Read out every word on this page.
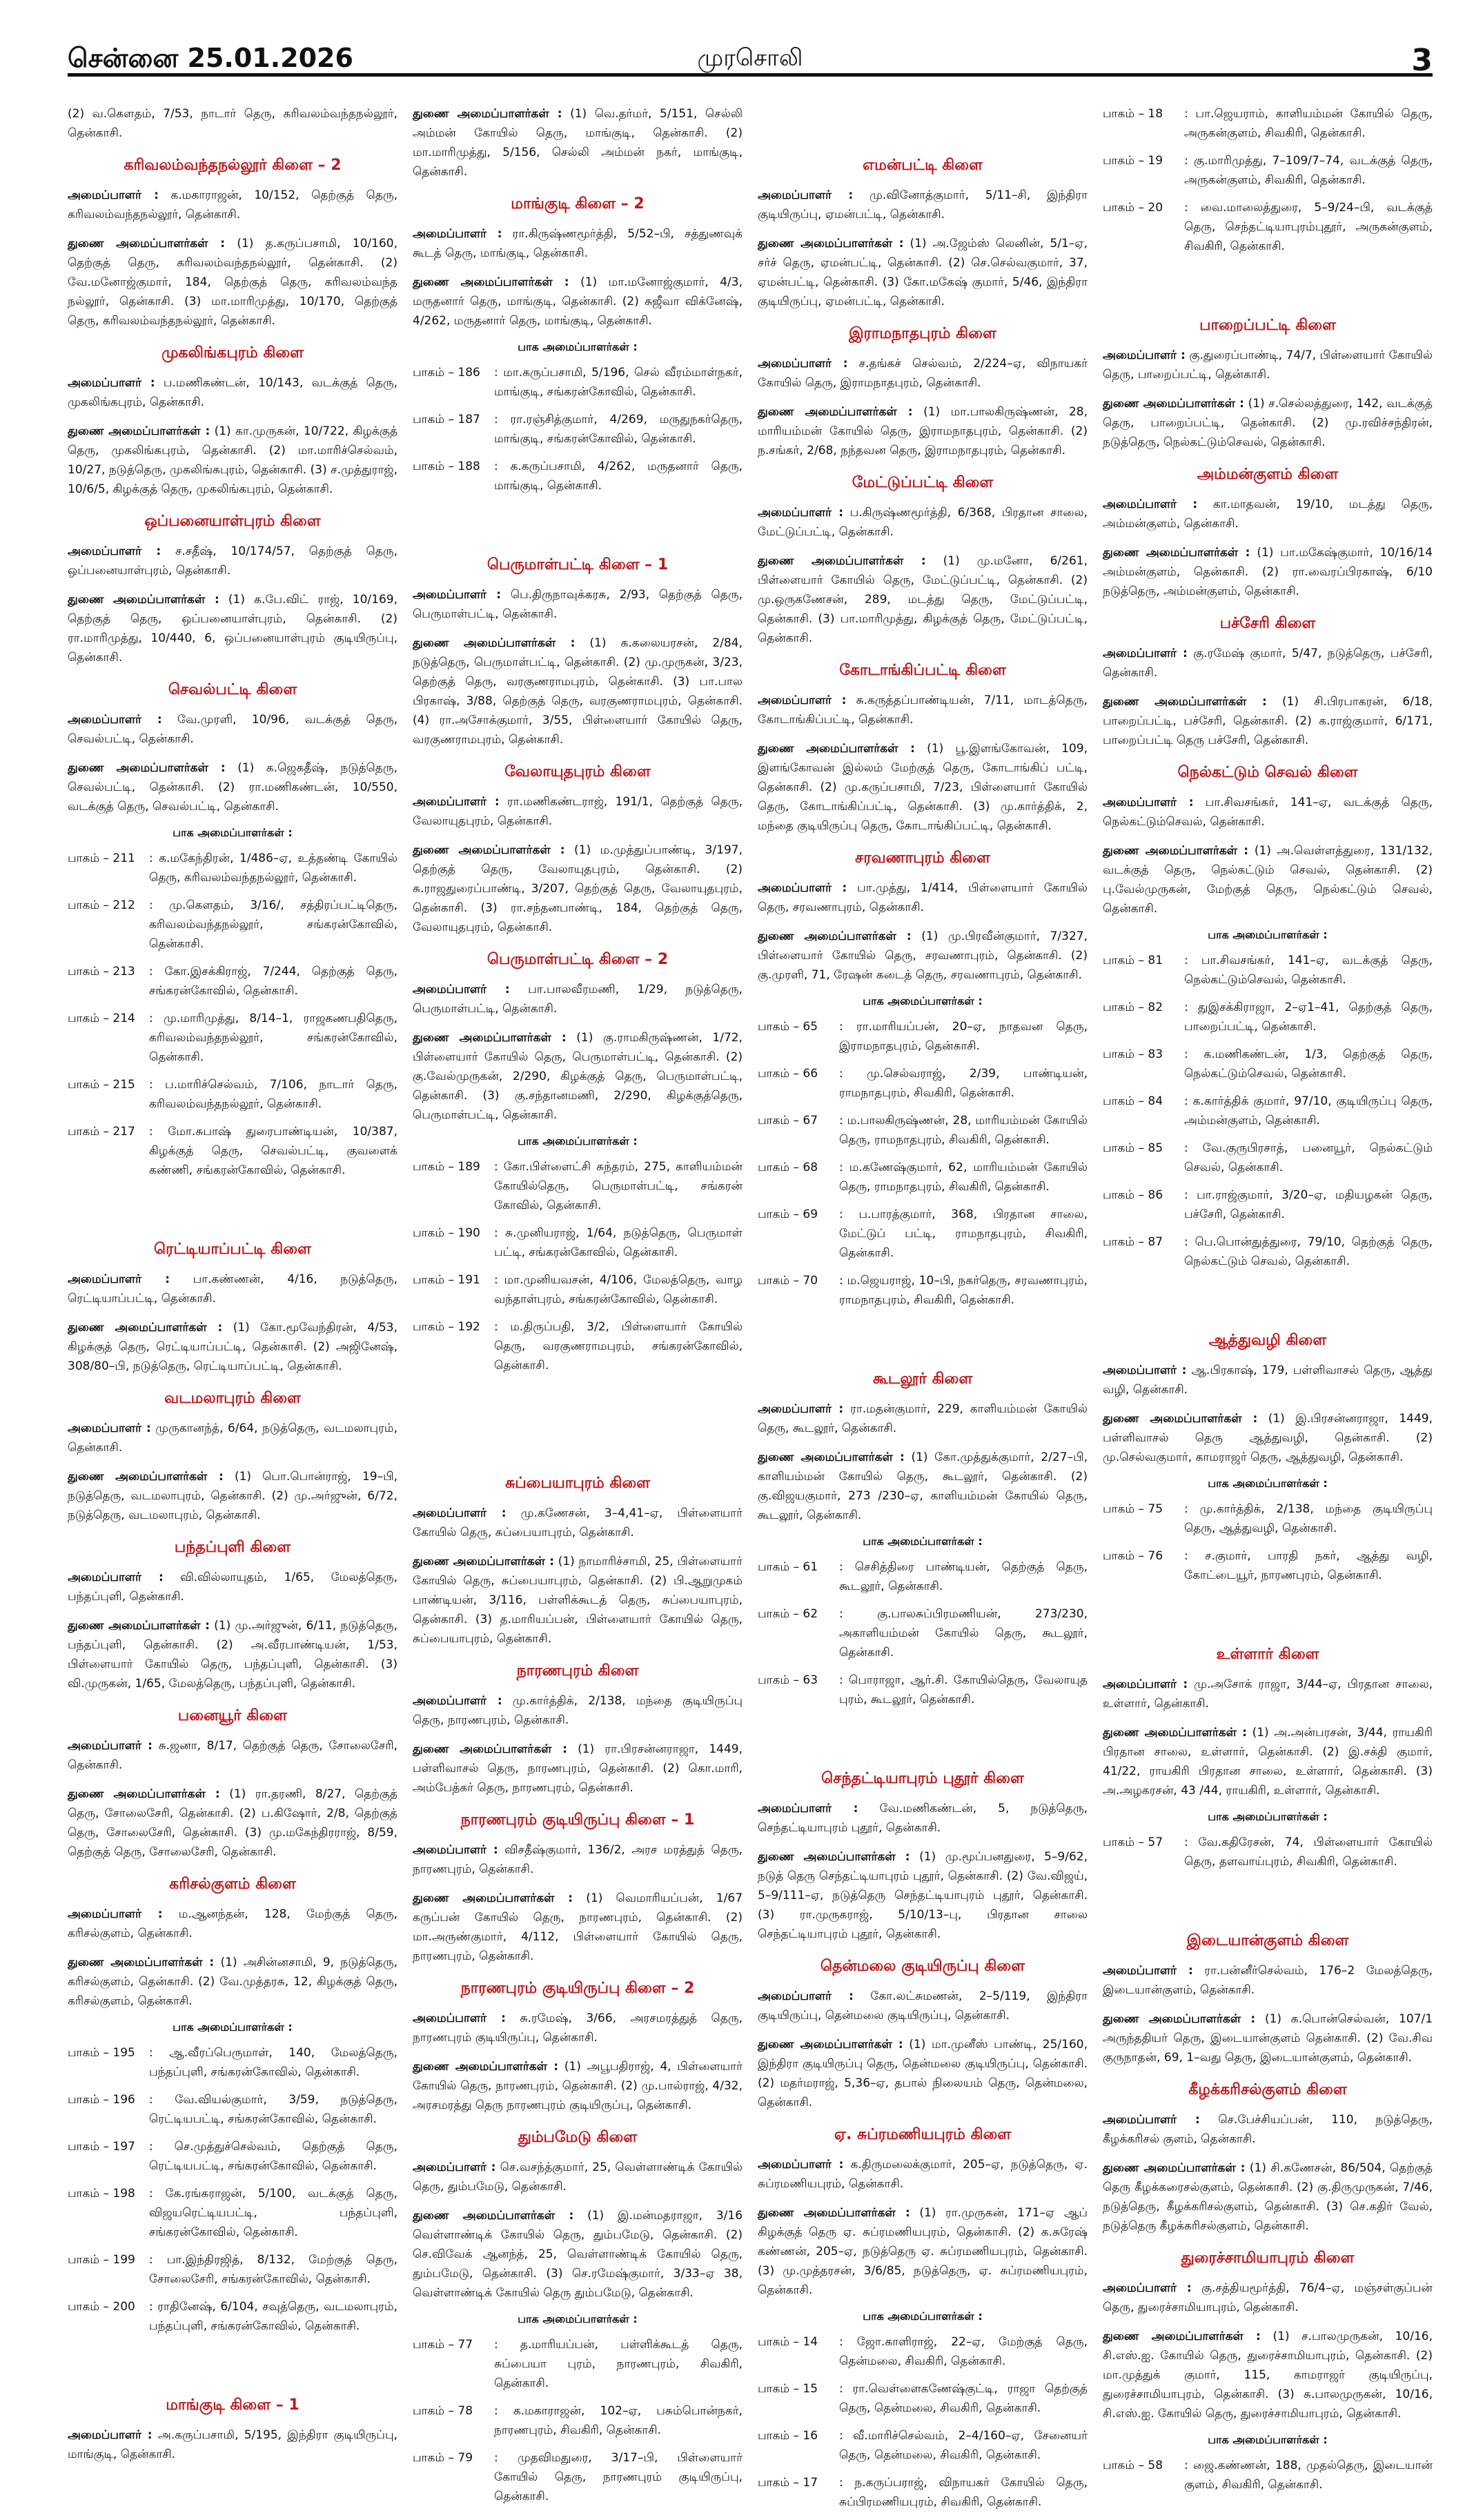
சென்னை 25.01.2026	முரசொலி	3
(2) வ.கௌதம், 7/53, நாடார் தெரு, கரிவலம்வந்தநல்லூர், தென்காசி.
கரிவலம்வந்தநல்லூர் கிளை – 2
அமைப்பாளர் : க.மகாராஜன், 10/152, தெற்குத் தெரு, கரிவலம்வந்தநல்லூர், தென்காசி.
துணை அமைப்பாளர்கள் : (1) த.கருப்பசாமி, 10/160, தெற்குத் தெரு, கரிவலம்வந்தநல்லூர், தென்காசி. (2) வே.மனோஜ்குமார், 184, தெற்குத் தெரு, கரிவலம்வந்த நல்லூர், தென்காசி. (3) மா.மாரிமுத்து, 10/170, தெற்குத் தெரு, கரிவலம்வந்தநல்லூர், தென்காசி.
முகலிங்கபுரம் கிளை
அமைப்பாளர் : ப.மணிகண்டன், 10/143, வடக்குத் தெரு, முகலிங்கபுரம், தென்காசி.
துணை அமைப்பாளர்கள் : (1) கா.முருகன், 10/722, கிழக்குத் தெரு, முகலிங்கபுரம், தென்காசி. (2) மா.மாரிச்செல்வம், 10/27, நடுத்தெரு, முகலிங்கபுரம், தென்காசி. (3) ச.முத்துராஜ், 10/6/5, கிழக்குத் தெரு, முகலிங்கபுரம், தென்காசி.
ஒப்பனையாள்புரம் கிளை
அமைப்பாளர் : ச.சதீஷ், 10/174/57, தெற்குத் தெரு, ஒப்பனையாள்புரம், தென்காசி.
துணை அமைப்பாளர்கள் : (1) க.பே.விட் ராஜ், 10/169, தெற்குத் தெரு, ஒப்பனையாள்புரம், தென்காசி. (2) ரா.மாரிமுத்து, 10/440, 6, ஒப்பனையாள்புரம் குடியிருப்பு, தென்காசி.
செவல்பட்டி கிளை
அமைப்பாளர் : வே.முரளி, 10/96, வடக்குத் தெரு, செவல்பட்டி, தென்காசி.
துணை அமைப்பாளர்கள் : (1) க.ஜெகதீஷ், நடுத்தெரு, செவல்பட்டி, தென்காசி. (2) ரா.மணிகண்டன், 10/550, வடக்குத் தெரு, செவல்பட்டி, தென்காசி.
பாக அமைப்பாளர்கள் :
பாகம் – 211	: க.மகேந்திரன், 1/486–ஏ, உத்தண்டி கோயில் தெரு, கரிவலம்வந்தநல்லூர், தென்காசி.
பாகம் – 212	: மு.கௌதம், 3/16/, சத்திரப்பட்டிதெரு, கரிவலம்வந்தநல்லூர், சங்கரன்கோவில், தென்காசி.
பாகம் – 213	: கோ.இசக்கிராஜ், 7/244, தெற்குத் தெரு, சங்கரன்கோவில், தென்காசி.
பாகம் – 214	: மு.மாரிமுத்து, 8/14–1, ராஜகணபதிதெரு, கரிவலம்வந்தநல்லூர், சங்கரன்கோவில், தென்காசி.
பாகம் – 215	: ப.மாரிச்செல்வம், 7/106, நாடார் தெரு, கரிவலம்வந்தநல்லூர், தென்காசி.
பாகம் – 217	: மோ.சுபாஷ் துரைபாண்டியன், 10/387, கிழக்குத் தெரு, செவல்பட்டி, குவளைக் கண்ணி, சங்கரன்கோவில், தென்காசி.
ரெட்டியாப்பட்டி கிளை
அமைப்பாளர் : பா.கண்ணன், 4/16, நடுத்தெரு, ரெட்டியாப்பட்டி, தென்காசி.
துணை அமைப்பாளர்கள் : (1) கோ.மூவேந்திரன், 4/53, கிழக்குத் தெரு, ரெட்டியாப்பட்டி, தென்காசி. (2) அஜினேஷ், 308/80–பி, நடுத்தெரு, ரெட்டியாப்பட்டி, தென்காசி.
வடமலாபுரம் கிளை
அமைப்பாளர் : முருகானந்த், 6/64, நடுத்தெரு, வடமலாபுரம், தென்காசி.
துணை அமைப்பாளர்கள் : (1) பொ.பொன்ராஜ், 19–பி, நடுத்தெரு, வடமலாபுரம், தென்காசி. (2) மு.அர்ஜுன், 6/72, நடுத்தெரு, வடமலாபுரம், தென்காசி.
பந்தப்புளி கிளை
அமைப்பாளர் : வி.வில்லாயுதம், 1/65, மேலத்தெரு, பந்தப்புளி, தென்காசி.
துணை அமைப்பாளர்கள் : (1) மு.அர்ஜுன், 6/11, நடுத்தெரு, பந்தப்புளி, தென்காசி. (2) அ.வீரபாண்டியன், 1/53, பிள்ளையார் கோயில் தெரு, பந்தப்புளி, தென்காசி. (3) வி.முருகன், 1/65, மேலத்தெரு, பந்தப்புளி, தென்காசி.
பனையூர் கிளை
அமைப்பாளர் : சு.ஜனா, 8/17, தெற்குத் தெரு, சோலைசேரி, தென்காசி.
துணை அமைப்பாளர்கள் : (1) ரா.தரணி, 8/27, தெற்குத் தெரு, சோலைசேரி, தென்காசி. (2) ப.கிஷோர், 2/8, தெற்குத் தெரு, சோலைசேரி, தென்காசி. (3) மு.மகேந்திரராஜ், 8/59, தெற்குத் தெரு, சோலைசேரி, தென்காசி.
கரிசல்குளம் கிளை
அமைப்பாளர் : ம.ஆனந்தன், 128, மேற்குத் தெரு, கரிசல்குளம், தென்காசி.
துணை அமைப்பாளர்கள் : (1) அசின்னசாமி, 9, நடுத்தெரு, கரிசல்குளம், தென்காசி. (2) வே.முத்தரசு, 12, கிழக்குத் தெரு, கரிசல்குளம், தென்காசி.
பாக அமைப்பாளர்கள் :
பாகம் – 195	: ஆ.வீரப்பெருமாள், 140, மேலத்தெரு, பந்தப்புளி, சங்கரன்கோவில், தென்காசி.
பாகம் – 196	: வே.வியல்குமார், 3/59, நடுத்தெரு, ரெட்டியபட்டி, சங்கரன்கோவில், தென்காசி.
பாகம் – 197	: செ.முத்துச்செல்வம், தெற்குத் தெரு, ரெட்டியபட்டி, சங்கரன்கோவில், தென்காசி.
பாகம் – 198	: கே.ரங்கராஜன், 5/100, வடக்குத் தெரு, விஜயரெட்டியபட்டி, பந்தப்புளி, சங்கரன்கோவில், தென்காசி.
பாகம் – 199	: பா.இந்திரஜித், 8/132, மேற்குத் தெரு, சோலைசேரி, சங்கரன்கோவில், தென்காசி.
பாகம் – 200	: ராதினேஷ், 6/104, சவுத்தெரு, வடமலாபுரம், பந்தப்புளி, சங்கரன்கோவில், தென்காசி.
மாங்குடி கிளை – 1
அமைப்பாளர் : அ.கருப்பசாமி, 5/195, இந்திரா குடியிருப்பு, மாங்குடி, தென்காசி.
துணை அமைப்பாளர்கள் : (1) வெ.தர்மர், 5/151, செல்லி அம்மன் கோயில் தெரு, மாங்குடி, தென்காசி. (2) மா.மாரிமுத்து, 5/156, செல்லி அம்மன் நகர், மாங்குடி, தென்காசி.
மாங்குடி கிளை – 2
அமைப்பாளர் : ரா.கிருஷ்ணமூர்த்தி, 5/52–பி, சத்துணவுக் கூடத் தெரு, மாங்குடி, தென்காசி.
துணை அமைப்பாளர்கள் : (1) மா.மனோஜ்குமார், 4/3, மருதனார் தெரு, மாங்குடி, தென்காசி. (2) சுஜீவா விக்னேஷ், 4/262, மருதனார் தெரு, மாங்குடி, தென்காசி.
பாக அமைப்பாளர்கள் :
பாகம் – 186	: மா.கருப்பசாமி, 5/196, செல் வீரம்மாள்நகர், மாங்குடி, சங்கரன்கோவில், தென்காசி.
பாகம் – 187	: ரா.ரஞ்சித்குமார், 4/269, மருதுநகர்தெரு, மாங்குடி, சங்கரன்கோவில், தென்காசி.
பாகம் – 188	: க.கருப்பசாமி, 4/262, மருதனார் தெரு, மாங்குடி, தென்காசி.
பெருமாள்பட்டி கிளை – 1
அமைப்பாளர் : பெ.திருநாவுக்கரசு, 2/93, தெற்குத் தெரு, பெருமாள்பட்டி, தென்காசி.
துணை அமைப்பாளர்கள் : (1) க.கலையரசன், 2/84, நடுத்தெரு, பெருமாள்பட்டி, தென்காசி. (2) மு.முருகன், 3/23, தெற்குத் தெரு, வரகுணராமபுரம், தென்காசி. (3) பா.பால பிரகாஷ், 3/88, தெற்குத் தெரு, வரகுணராமபுரம், தென்காசி. (4) ரா.அசோக்குமார், 3/55, பிள்ளையார் கோயில் தெரு, வரகுணராமபுரம், தென்காசி.
வேலாயுதபுரம் கிளை
அமைப்பாளர் : ரா.மணிகண்டராஜ், 191/1, தெற்குத் தெரு, வேலாயுதபுரம், தென்காசி.
துணை அமைப்பாளர்கள் : (1) ம.முத்துப்பாண்டி, 3/197, தெற்குத் தெரு, வேலாயுதபுரம், தென்காசி. (2) சு.ராஜதுரைப்பாண்டி, 3/207, தெற்குத் தெரு, வேலாயுதபுரம், தென்காசி. (3) ரா.சந்தனபாண்டி, 184, தெற்குத் தெரு, வேலாயுதபுரம், தென்காசி.
பெருமாள்பட்டி கிளை – 2
அமைப்பாளர் : பா.பாலவீரமணி, 1/29, நடுத்தெரு, பெருமாள்பட்டி, தென்காசி.
துணை அமைப்பாளர்கள் : (1) கு.ராமகிருஷ்ணன், 1/72, பிள்ளையார் கோயில் தெரு, பெருமாள்பட்டி, தென்காசி. (2) கு.வேல்முருகன், 2/290, கிழக்குத் தெரு, பெருமாள்பட்டி, தென்காசி. (3) கு.சந்தானமணி, 2/290, கிழக்குத்தெரு, பெருமாள்பட்டி, தென்காசி.
பாக அமைப்பாளர்கள் :
பாகம் – 189	: கோ.பிள்ளைட்சி சுந்தரம், 275, காளியம்மன் கோயில்தெரு, பெருமாள்பட்டி, சங்கரன் கோவில், தென்காசி.
பாகம் – 190	: சு.முனியராஜ், 1/64, நடுத்தெரு, பெருமாள் பட்டி, சங்கரன்கோவில், தென்காசி.
பாகம் – 191	: மா.முனியவசன், 4/106, மேலத்தெரு, வாழ வந்தாள்புரம், சங்கரன்கோவில், தென்காசி.
பாகம் – 192	: ம.திருப்பதி, 3/2, பிள்ளையார் கோயில் தெரு, வரகுணராமபுரம், சங்கரன்கோவில், தென்காசி.
சுப்பையாபுரம் கிளை
அமைப்பாளர் : மு.கணேசன், 3–4,41–ஏ, பிள்ளையார் கோயில் தெரு, சுப்பையாபுரம், தென்காசி.
துணை அமைப்பாளர்கள் : (1) நாமாரிச்சாமி, 25, பிள்ளையார் கோயில் தெரு, சுப்பையாபுரம், தென்காசி. (2) பி.ஆறுமுகம் பாண்டியன், 3/116, பள்ளிக்கூடத் தெரு, சுப்பையாபுரம், தென்காசி. (3) த.மாரியப்பன், பிள்ளையார் கோயில் தெரு, சுப்பையாபுரம், தென்காசி.
நாரணபுரம் கிளை
அமைப்பாளர் : மு.கார்த்திக், 2/138, மந்தை குடியிருப்பு தெரு, நாரணபுரம், தென்காசி.
துணை அமைப்பாளர்கள் : (1) ரா.பிரசன்னராஜா, 1449, பள்ளிவாசல் தெரு, நாரணபுரம், தென்காசி. (2) கொ.மாரி, அம்பேத்கர் தெரு, நாரணபுரம், தென்காசி.
நாரணபுரம் குடியிருப்பு கிளை – 1
அமைப்பாளர் : விசதீஷ்குமார், 136/2, அரச மரத்துத் தெரு, நாரணபுரம், தென்காசி.
துணை அமைப்பாளர்கள் : (1) வெமாரியப்பன், 1/67 கருப்பன் கோயில் தெரு, நாரணபுரம், தென்காசி. (2) மா.அருண்குமார், 4/112, பிள்ளையார் கோயில் தெரு, நாரணபுரம், தென்காசி.
நாரணபுரம் குடியிருப்பு கிளை – 2
அமைப்பாளர் : சு.ரமேஷ், 3/66, அரசமரத்துத் தெரு, நாரணபுரம் குடியிருப்பு, தென்காசி.
துணை அமைப்பாளர்கள் : (1) அபூபதிராஜ், 4, பிள்ளையார் கோயில் தெரு, நாரணபுரம், தென்காசி. (2) மு.பால்ராஜ், 4/32, அரசமரத்து தெரு நாரணபுரம் குடியிருப்பு, தென்காசி.
தும்பமேடு கிளை
அமைப்பாளர் : செ.வசந்த்குமார், 25, வெள்ளாண்டிக் கோயில் தெரு, தும்பமேடு, தென்காசி.
துணை அமைப்பாளர்கள் : (1) இ.மன்மதராஜா, 3/16 வெள்ளாண்டிக் கோயில் தெரு, தும்பமேடு, தென்காசி. (2) செ.விவேக் ஆனந்த், 25, வெள்ளாண்டிக் கோயில் தெரு, தும்பமேடு, தென்காசி. (3) செ.ரமேஷ்குமார், 3/33–ஏ 38, வெள்ளாண்டிக் கோயில் தெரு தும்பமேடு, தென்காசி.
பாக அமைப்பாளர்கள் :
பாகம் – 77	: த.மாரியப்பன், பள்ளிக்கூடத் தெரு, சுப்பையா புரம், நாரணபுரம், சிவகிரி, தென்காசி.
பாகம் – 78	: க.மகாராஜன், 102–ஏ, பசும்பொன்நகர், நாரணபுரம், சிவகிரி, தென்காசி.
பாகம் – 79	: முதவிமதுரை, 3/17–பி, பிள்ளையார் கோயில் தெரு, நாரணபுரம் குடியிருப்பு, தென்காசி.
எமன்பட்டி கிளை
அமைப்பாளர் : மு.வினோத்குமார், 5/11–சி, இந்திரா குடியிருப்பு, ஏமன்பட்டி, தென்காசி.
துணை அமைப்பாளர்கள் : (1) அ.ஜேம்ஸ் லெனின், 5/1–ஏ, சர்ச் தெரு, ஏமன்பட்டி, தென்காசி. (2) செ.செல்வகுமார், 37, ஏமன்பட்டி, தென்காசி. (3) கோ.மகேஷ் குமார், 5/46, இந்திரா குடியிருப்பு, ஏமன்பட்டி, தென்காசி.
இராமநாதபுரம் கிளை
அமைப்பாளர் : ச.தங்கச் செல்வம், 2/224–ஏ, விநாயகர் கோயில் தெரு, இராமநாதபுரம், தென்காசி.
துணை அமைப்பாளர்கள் : (1) மா.பாலகிருஷ்ணன், 28, மாரியம்மன் கோயில் தெரு, இராமநாதபுரம், தென்காசி. (2) ந.சங்கர், 2/68, நந்தவன தெரு, இராமநாதபுரம், தென்காசி.
மேட்டுப்பட்டி கிளை
அமைப்பாளர் : ப.கிருஷ்ணமூர்த்தி, 6/368, பிரதான சாலை, மேட்டுப்பட்டி, தென்காசி.
துணை அமைப்பாளர்கள் : (1) மு.மனோ, 6/261, பிள்ளையார் கோயில் தெரு, மேட்டுப்பட்டி, தென்காசி. (2) மு.ஒருகணேசன், 289, மடத்து தெரு, மேட்டுப்பட்டி, தென்காசி. (3) பா.மாரிமுத்து, கிழக்குத் தெரு, மேட்டுப்பட்டி, தென்காசி.
கோடாங்கிப்பட்டி கிளை
அமைப்பாளர் : சு.கருத்தப்பாண்டியன், 7/11, மாடத்தெரு, கோடாங்கிப்பட்டி, தென்காசி.
துணை அமைப்பாளர்கள் : (1) பூ.இளங்கோவன், 109, இளங்கோவன் இல்லம் மேற்குத் தெரு, கோடாங்கிப் பட்டி, தென்காசி. (2) மு.கருப்பசாமி, 7/23, பிள்ளையார் கோயில் தெரு, கோடாங்கிப்பட்டி, தென்காசி. (3) மு.கார்த்திக், 2, மந்தை குடியிருப்பு தெரு, கோடாங்கிப்பட்டி, தென்காசி.
சரவணாபுரம் கிளை
அமைப்பாளர் : பா.முத்து, 1/414, பிள்ளையார் கோயில் தெரு, சரவணாபுரம், தென்காசி.
துணை அமைப்பாளர்கள் : (1) மு.பிரவீன்குமார், 7/327, பிள்ளையார் கோயில் தெரு, சரவணாபுரம், தென்காசி. (2) கு.முரளி, 71, ரேஷன் கடைத் தெரு, சரவணாபுரம், தென்காசி.
பாக அமைப்பாளர்கள் :
பாகம் – 65	: ரா.மாரியப்பன், 20–ஏ, நாதவன தெரு, இராமநாதபுரம், தென்காசி.
பாகம் – 66	: மு.செல்வராஜ், 2/39, பாண்டியன், ராமநாதபுரம், சிவகிரி, தென்காசி.
பாகம் – 67	: ம.பாலகிருஷ்ணன், 28, மாரியம்மன் கோயில் தெரு, ராமநாதபுரம், சிவகிரி, தென்காசி.
பாகம் – 68	: ம.கணேஷ்குமார், 62, மாரியம்மன் கோயில் தெரு, ராமநாதபுரம், சிவகிரி, தென்காசி.
பாகம் – 69	: ப.பாரத்குமார், 368, பிரதான சாலை, மேட்டுப் பட்டி, ராமநாதபுரம், சிவகிரி, தென்காசி.
பாகம் – 70	: ம.ஜெயராஜ், 10–பி, நகர்தெரு, சரவணாபுரம், ராமநாதபுரம், சிவகிரி, தென்காசி.
கூடலூர் கிளை
அமைப்பாளர் : ரா.மதன்குமார், 229, காளியம்மன் கோயில் தெரு, கூடலூர், தென்காசி.
துணை அமைப்பாளர்கள் : (1) கோ.முத்துக்குமார், 2/27–பி, காளியம்மன் கோயில் தெரு, கூடலூர், தென்காசி. (2) கு.விஜயகுமார், 273 /230–ஏ, காளியம்மன் கோயில் தெரு, கூடலூர், தென்காசி.
பாக அமைப்பாளர்கள் :
பாகம் – 61	: செசித்திரை பாண்டியன், தெற்குத் தெரு, கூடலூர், தென்காசி.
பாகம் – 62	: கு.பாலசுப்பிரமணியன், 273/230, அகாளியம்மன் கோயில் தெரு, கூடலூர், தென்காசி.
பாகம் – 63	: பொராஜா, ஆர்.சி. கோயில்தெரு, வேலாயுத புரம், கூடலூர், தென்காசி.
செந்தட்டியாபுரம் புதூர் கிளை
அமைப்பாளர் : வே.மணிகண்டன், 5, நடுத்தெரு, செந்தட்டியாபுரம் புதூர், தென்காசி.
துணை அமைப்பாளர்கள் : (1) மு.மூப்பனதுரை, 5–9/62, நடுத் தெரு செந்தட்டியாபுரம் புதூர், தென்காசி. (2) வே.விஜய், 5–9/111–ஏ, நடுத்தெரு செந்தட்டியாபுரம் புதூர், தென்காசி. (3) ரா.முருகராஜ், 5/10/13–பு, பிரதான சாலை செந்தட்டியாபுரம் புதூர், தென்காசி.
தென்மலை குடியிருப்பு கிளை
அமைப்பாளர் : கோ.லட்சுமணன், 2–5/119, இந்திரா குடியிருப்பு, தென்மலை குடியிருப்பு, தென்காசி.
துணை அமைப்பாளர்கள் : (1) மா.முனீஸ் பாண்டி, 25/160, இந்திரா குடியிருப்பு தெரு, தென்மலை குடியிருப்பு, தென்காசி. (2) மதர்மராஜ், 5,36–ஏ, தபால் நிலையம் தெரு, தென்மலை, தென்காசி.
ஏ. சுப்ரமணியபுரம் கிளை
அமைப்பாளர் : க.திருமலைக்குமார், 205–ஏ, நடுத்தெரு, ஏ. சுப்ரமணியபுரம், தென்காசி.
துணை அமைப்பாளர்கள் : (1) ரா.முருகன், 171–ஏ ஆப் கிழக்குத் தெரு ஏ. சுப்ரமணியபுரம், தென்காசி. (2) க.சுரேஷ் கண்ணன், 205–ஏ, நடுத்தெரு ஏ. சுப்ரமணியபுரம், தென்காசி. (3) மு.முத்தரசன், 3/6/85, நடுத்தெரு, ஏ. சுப்ரமணியபுரம், தென்காசி.
பாக அமைப்பாளர்கள் :
பாகம் – 14	: ஜோ.காளிராஜ், 22–ஏ, மேற்குத் தெரு, தென்மலை, சிவகிரி, தென்காசி.
பாகம் – 15	: ரா.வெள்ளைகணேஷ்குட்டி, ராஜா தெற்குத் தெரு, தென்மலை, சிவகிரி, தென்காசி.
பாகம் – 16	: வீ.மாரிச்செல்வம், 2–4/160–ஏ, சேனையர் தெரு, தென்மலை, சிவகிரி, தென்காசி.
பாகம் – 17	: ந.கருப்பராஜ், விநாயகர் கோயில் தெரு, சுப்பிரமணியபுரம், சிவகிரி, தென்காசி.
பாகம் – 18	: பா.ஜெயராம், காளியம்மன் கோயில் தெரு, அருகன்குளம், சிவகிரி, தென்காசி.
பாகம் – 19	: கு.மாரிமுத்து, 7–109/7–74, வடக்குத் தெரு, அருகன்குளம், சிவகிரி, தென்காசி.
பாகம் – 20	: வை.மாலைத்துரை, 5–9/24–பி, வடக்குத் தெரு, செந்தட்டியாபுரம்புதூர், அருகன்குளம், சிவகிரி, தென்காசி.
பாறைப்பட்டி கிளை
அமைப்பாளர் : கு.துரைப்பாண்டி, 74/7, பிள்ளையார் கோயில் தெரு, பாறைப்பட்டி, தென்காசி.
துணை அமைப்பாளர்கள் : (1) ச.செல்லத்துரை, 142, வடக்குத் தெரு, பாறைப்பட்டி, தென்காசி. (2) மு.ரவிச்சந்திரன், நடுத்தெரு, நெல்கட்டும்செவல், தென்காசி.
அம்மன்குளம் கிளை
அமைப்பாளர் : கா.மாதவன், 19/10, மடத்து தெரு, அம்மன்குளம், தென்காசி.
துணை அமைப்பாளர்கள் : (1) பா.மகேஷ்குமார், 10/16/14 அம்மன்குளம், தென்காசி. (2) ரா.வைரப்பிரகாஷ், 6/10 நடுத்தெரு, அம்மன்குளம், தென்காசி.
பச்சேரி கிளை
அமைப்பாளர் : கு.ரமேஷ் குமார், 5/47, நடுத்தெரு, பச்சேரி, தென்காசி.
துணை அமைப்பாளர்கள் : (1) சி.பிரபாகரன், 6/18, பாறைப்பட்டி, பச்சேரி, தென்காசி. (2) க.ராஜ்குமார், 6/171, பாறைப்பட்டி தெரு பச்சேரி, தென்காசி.
நெல்கட்டும் செவல் கிளை
அமைப்பாளர் : பா.சிவசங்கர், 141–ஏ, வடக்குத் தெரு, நெல்கட்டும்செவல், தென்காசி.
துணை அமைப்பாளர்கள் : (1) அ.வெள்ளத்துரை, 131/132, வடக்குத் தெரு, நெல்கட்டும் செவல், தென்காசி. (2) பு.வேல்முருகன், மேற்குத் தெரு, நெல்கட்டும் செவல், தென்காசி.
பாக அமைப்பாளர்கள் :
பாகம் – 81	: பா.சிவசங்கர், 141–ஏ, வடக்குத் தெரு, நெல்கட்டும்செவல், தென்காசி.
பாகம் – 82	: துஇசக்கிராஜா, 2–ஏ1–41, தெற்குத் தெரு, பாறைப்பட்டி, தென்காசி.
பாகம் – 83	: க.மணிகண்டன், 1/3, தெற்குத் தெரு, நெல்கட்டும்செவல், தென்காசி.
பாகம் – 84	: க.கார்த்திக் குமார், 97/10, குடியிருப்பு தெரு, அம்மன்குளம், தென்காசி.
பாகம் – 85	: வே.குருபிரசாத், பனையூர், நெல்கட்டும் செவல், தென்காசி.
பாகம் – 86	: பா.ராஜ்குமார், 3/20–ஏ, மதியழகன் தெரு, பச்சேரி, தென்காசி.
பாகம் – 87	: பெ.பொன்துத்துரை, 79/10, தெற்குத் தெரு, நெல்கட்டும் செவல், தென்காசி.
ஆத்துவழி கிளை
அமைப்பாளர் : ஆ.பிரகாஷ், 179, பள்ளிவாசல் தெரு, ஆத்து வழி, தென்காசி.
துணை அமைப்பாளர்கள் : (1) இ.பிரசன்னராஜா, 1449, பள்ளிவாசல் தெரு ஆத்துவழி, தென்காசி. (2) மு.செல்வகுமார், காமராஜர் தெரு, ஆத்துவழி, தென்காசி.
பாக அமைப்பாளர்கள் :
பாகம் – 75	: மு.கார்த்திக், 2/138, மந்தை குடியிருப்பு தெரு, ஆத்துவழி, தென்காசி.
பாகம் – 76	: ச.குமார், பாரதி நகர், ஆத்து வழி, கோட்டையூர், நாரணபுரம், தென்காசி.
உள்ளார் கிளை
அமைப்பாளர் : மு.அசோக் ராஜா, 3/44–ஏ, பிரதான சாலை, உள்ளார், தென்காசி.
துணை அமைப்பாளர்கள் : (1) அ.அன்பரசன், 3/44, ராயகிரி பிரதான சாலை, உள்ளார், தென்காசி. (2) இ.சக்தி குமார், 41/22, ராயகிரி பிரதான சாலை, உள்ளார், தென்காசி. (3) அ.அழகரசன், 43 /44, ராயகிரி, உள்ளார், தென்காசி.
பாக அமைப்பாளர்கள் :
பாகம் – 57	: வே.கதிரேசன், 74, பிள்ளையார் கோயில் தெரு, தளவாய்புரம், சிவகிரி, தென்காசி.
இடையான்குளம் கிளை
அமைப்பாளர் : ரா.பன்னீர்செல்வம், 176–2 மேலத்தெரு, இடையான்குளம், தென்காசி.
துணை அமைப்பாளர்கள் : (1) க.பொன்செல்வன், 107/1 அருந்ததியர் தெரு, இடையான்குளம் தென்காசி. (2) வே.சிவ குருநாதன், 69, 1–வது தெரு, இடையான்குளம், தென்காசி.
கீழக்கரிசல்குளம் கிளை
அமைப்பாளர் : செ.பேச்சியப்பன், 110, நடுத்தெரு, கீழக்கரிசல் குளம், தென்காசி.
துணை அமைப்பாளர்கள் : (1) சி.கணேசன், 86/504, தெற்குத் தெரு கீழக்கரைசல்குளம், தென்காசி. (2) கு.திருமுருகன், 7/46, நடுத்தெரு, கீழக்கரிசல்குளம், தென்காசி. (3) செ.கதிர் வேல், நடுத்தெரு கீழக்கரிசல்குளம், தென்காசி.
துரைச்சாமியாபுரம் கிளை
அமைப்பாளர் : கு.சத்தியமூர்த்தி, 76/4–ஏ, மஞ்சள்குப்பன் தெரு, துரைச்சாமியாபுரம், தென்காசி.
துணை அமைப்பாளர்கள் : (1) ச.பாலமுருகன், 10/16, சி.எஸ்.ஐ. கோயில் தெரு, துரைச்சாமியாபுரம், தென்காசி. (2) மா.முத்துக் குமார், 115, காமராஜர் குடியிருப்பு, துரைச்சாமியாபுரம், தென்காசி. (3) சு.பாலமுருகன், 10/16, சி.எஸ்.ஐ. கோயில் தெரு, துரைச்சாமியாபுரம், தென்காசி.
பாக அமைப்பாளர்கள் :
பாகம் – 58	: ஜை.கண்ணன், 188, முதல்தெரு, இடையான் குளம், சிவகிரி, தென்காசி.
